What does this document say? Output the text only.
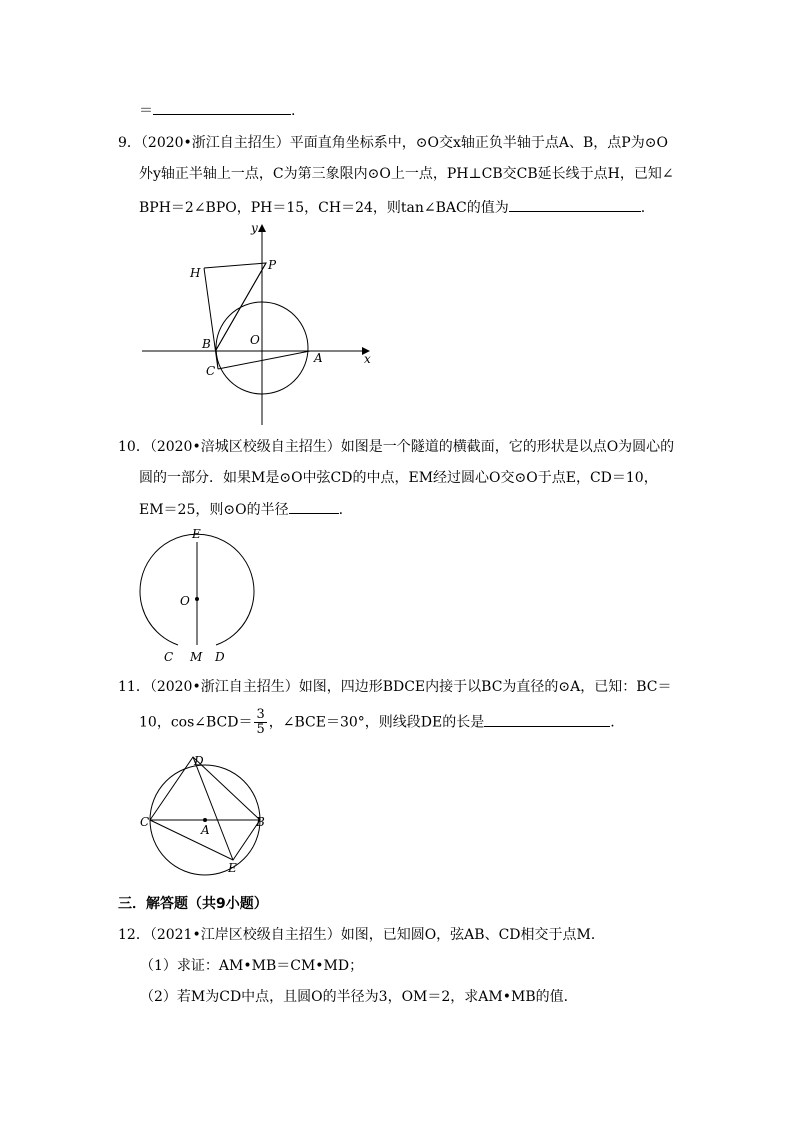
＝	.
9．（2020•浙江自主招生）平面直角坐标系中，⊙O交x轴正负半轴于点A、B，点P为⊙O
外y轴正半轴上一点，C为第三象限内⊙O上一点，PH⊥CB交CB延长线于点H，已知∠
BPH＝2∠BPO，PH＝15，CH＝24，则tan∠BAC的值为	.
y
x
H
P
O
B
A
C
10．（2020•涪城区校级自主招生）如图是一个隧道的横截面，它的形状是以点O为圆心的
圆的一部分．如果M是⊙O中弦CD的中点，EM经过圆心O交⊙O于点E，CD＝10，
EM＝25，则⊙O的半径	.
E
O
C M D
11．（2020•浙江自主招生）如图，四边形BDCE内接于以BC为直径的⊙A，已知：BC＝
10，cos∠BCD＝ $\frac{3}{5}$ ，∠BCE＝30°，则线段DE的长是	.
D
C
A
B
E
三．解答题（共9小题）
12．（2021•江岸区校级自主招生）如图，已知圆O，弦AB、CD相交于点M．
（1）求证：AM•MB＝CM•MD；
（2）若M为CD中点，且圆O的半径为3，OM＝2，求AM•MB的值．
